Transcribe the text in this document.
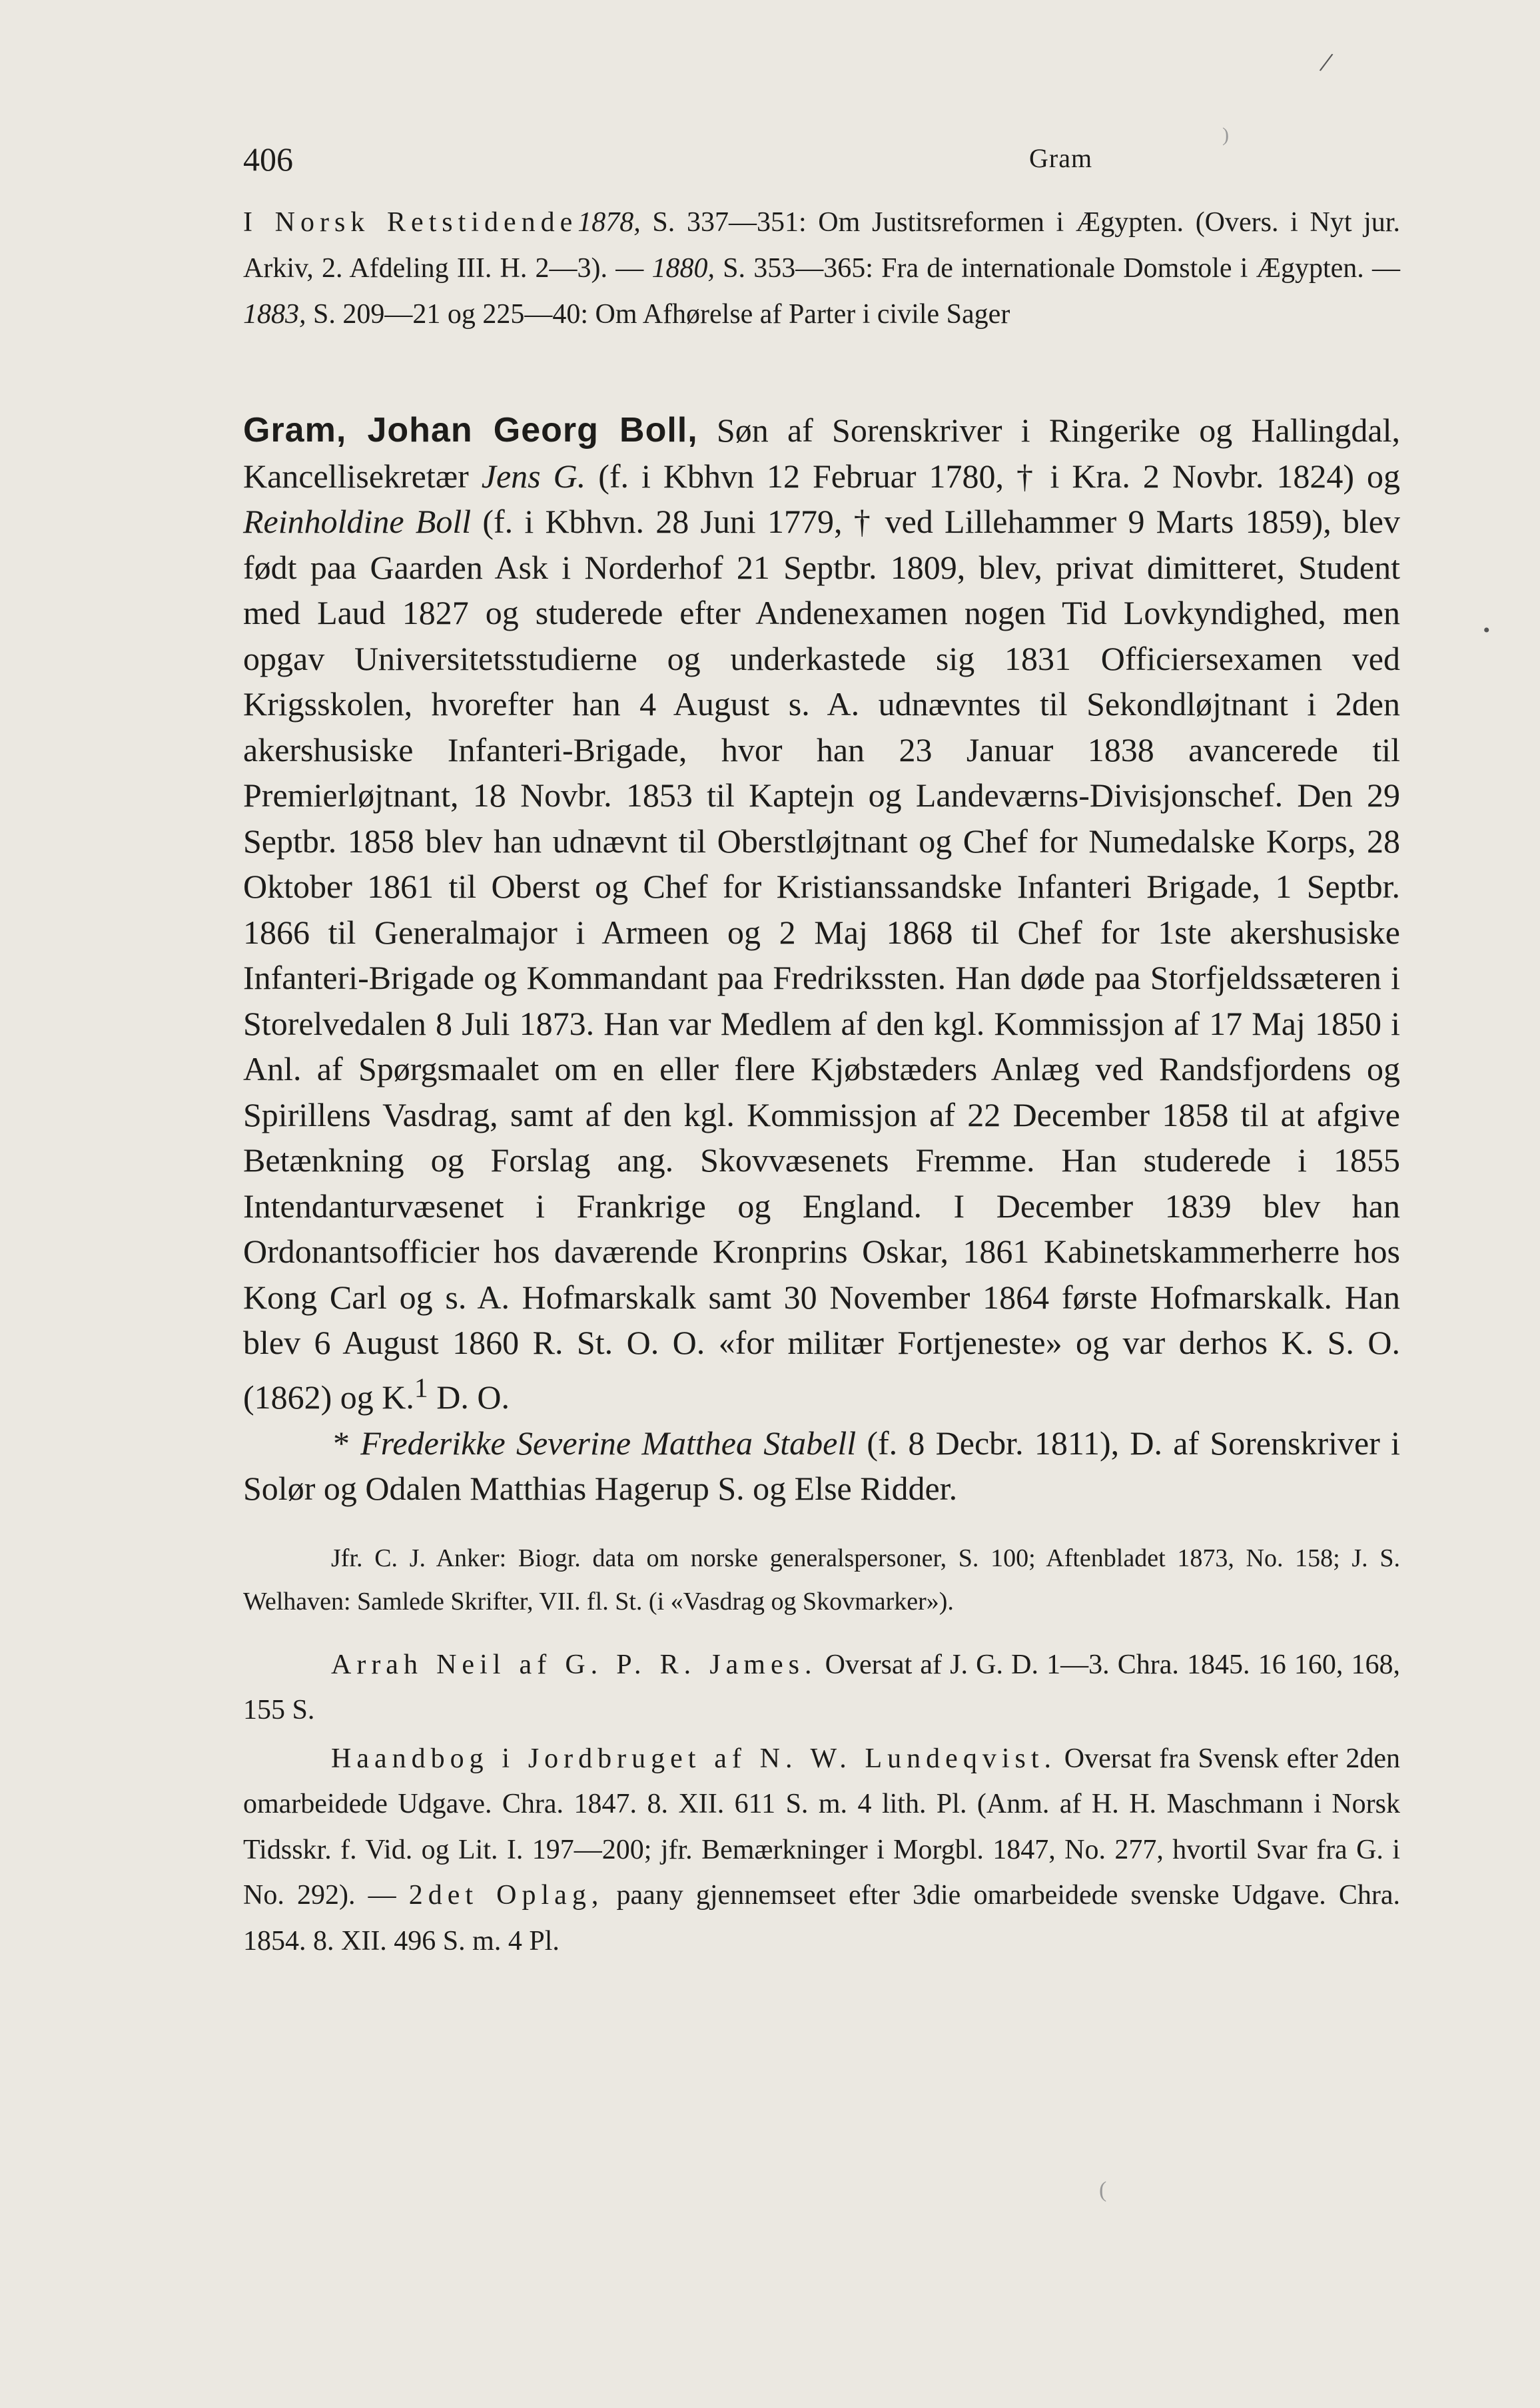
406	Gram

I Norsk Retstidende1878, S. 337—351: Om Justitsreformen i Ægypten. (Overs. i Nyt jur. Arkiv, 2. Afdeling III. H. 2—3). — 1880, S. 353—365: Fra de internationale Domstole i Ægypten. — 1883, S. 209—21 og 225—40: Om Afhørelse af Parter i civile Sager

Gram, Johan Georg Boll, Søn af Sorenskriver i Ringerike og Hallingdal, Kancellisekretær Jens G. (f. i Kbhvn 12 Februar 1780, † i Kra. 2 Novbr. 1824) og Reinholdine Boll (f. i Kbhvn. 28 Juni 1779, † ved Lillehammer 9 Marts 1859), blev født paa Gaarden Ask i Norderhof 21 Septbr. 1809, blev, privat dimitteret, Student med Laud 1827 og studerede efter Andenexamen nogen Tid Lovkyndighed, men opgav Universitetsstudierne og underkastede sig 1831 Officiersexamen ved Krigsskolen, hvorefter han 4 August s. A. udnævntes til Sekondløjtnant i 2den akershusiske Infanteri-Brigade, hvor han 23 Januar 1838 avancerede til Premierløjtnant, 18 Novbr. 1853 til Kaptejn og Landeværns-Divisjonschef. Den 29 Septbr. 1858 blev han udnævnt til Oberstløjtnant og Chef for Numedalske Korps, 28 Oktober 1861 til Oberst og Chef for Kristianssandske Infanteri Brigade, 1 Septbr. 1866 til Generalmajor i Armeen og 2 Maj 1868 til Chef for 1ste akershusiske Infanteri-Brigade og Kommandant paa Fredrikssten. Han døde paa Storfjeldssæteren i Storelvedalen 8 Juli 1873. Han var Medlem af den kgl. Kommissjon af 17 Maj 1850 i Anl. af Spørgsmaalet om en eller flere Kjøbstæders Anlæg ved Randsfjordens og Spirillens Vasdrag, samt af den kgl. Kommissjon af 22 December 1858 til at afgive Betænkning og Forslag ang. Skovvæsenets Fremme. Han studerede i 1855 Intendanturvæsenet i Frankrige og England. I December 1839 blev han Ordonantsofficier hos daværende Kronprins Oskar, 1861 Kabinetskammerherre hos Kong Carl og s. A. Hofmarskalk samt 30 November 1864 første Hofmarskalk. Han blev 6 August 1860 R. St. O. O. «for militær Fortjeneste» og var derhos K. S. O. (1862) og K.$^1$ D. O.

* Frederikke Severine Matthea Stabell (f. 8 Decbr. 1811), D. af Sorenskriver i Solør og Odalen Matthias Hagerup S. og Else Ridder.

Jfr. C. J. Anker: Biogr. data om norske generalspersoner, S. 100; Aftenbladet 1873, No. 158; J. S. Welhaven: Samlede Skrifter, VII. fl. St. (i «Vasdrag og Skovmarker»).

Arrah Neil af G. P. R. James. Oversat af J. G. D. 1—3. Chra. 1845. 16 160, 168, 155 S.

Haandbog i Jordbruget af N. W. Lundeqvist. Oversat fra Svensk efter 2den omarbeidede Udgave. Chra. 1847. 8. XII. 611 S. m. 4 lith. Pl. (Anm. af H. H. Maschmann i Norsk Tidsskr. f. Vid. og Lit. I. 197—200; jfr. Bemærkninger i Morgbl. 1847, No. 277, hvortil Svar fra G. i No. 292). — 2det Oplag, paany gjennemseet efter 3die omarbeidede svenske Udgave. Chra. 1854. 8. XII. 496 S. m. 4 Pl.

/
)
•
(
